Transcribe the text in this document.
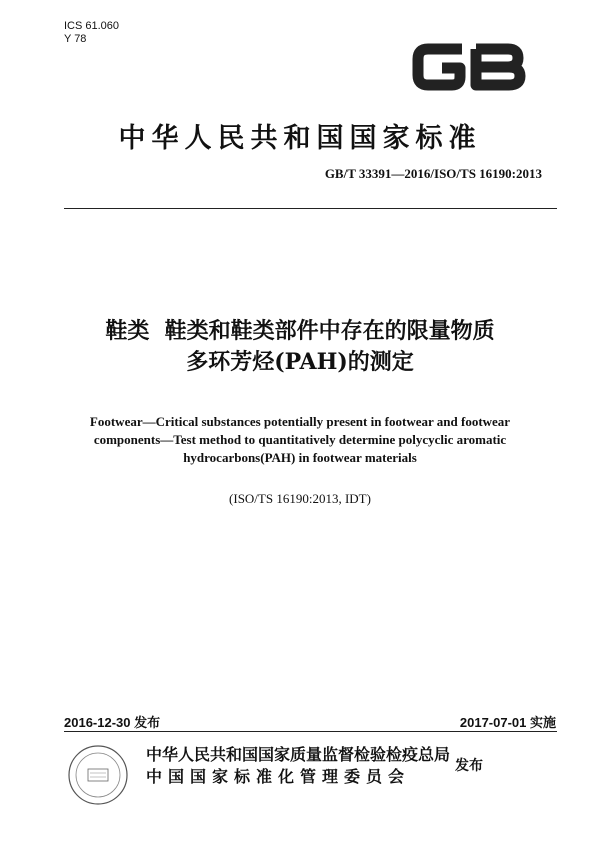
ICS 61.060
Y 78
中华人民共和国国家标准
GB/T 33391—2016/ISO/TS 16190:2013
鞋类  鞋类和鞋类部件中存在的限量物质
多环芳烃(PAH)的测定
Footwear—Critical substances potentially present in footwear and footwear
components—Test method to quantitatively determine polycyclic aromatic
hydrocarbons(PAH) in footwear materials
(ISO/TS 16190:2013, IDT)
2016-12-30 发布	2017-07-01 实施
中华人民共和国国家质量监督检验检疫总局
中国国家标准化管理委员会
发布
